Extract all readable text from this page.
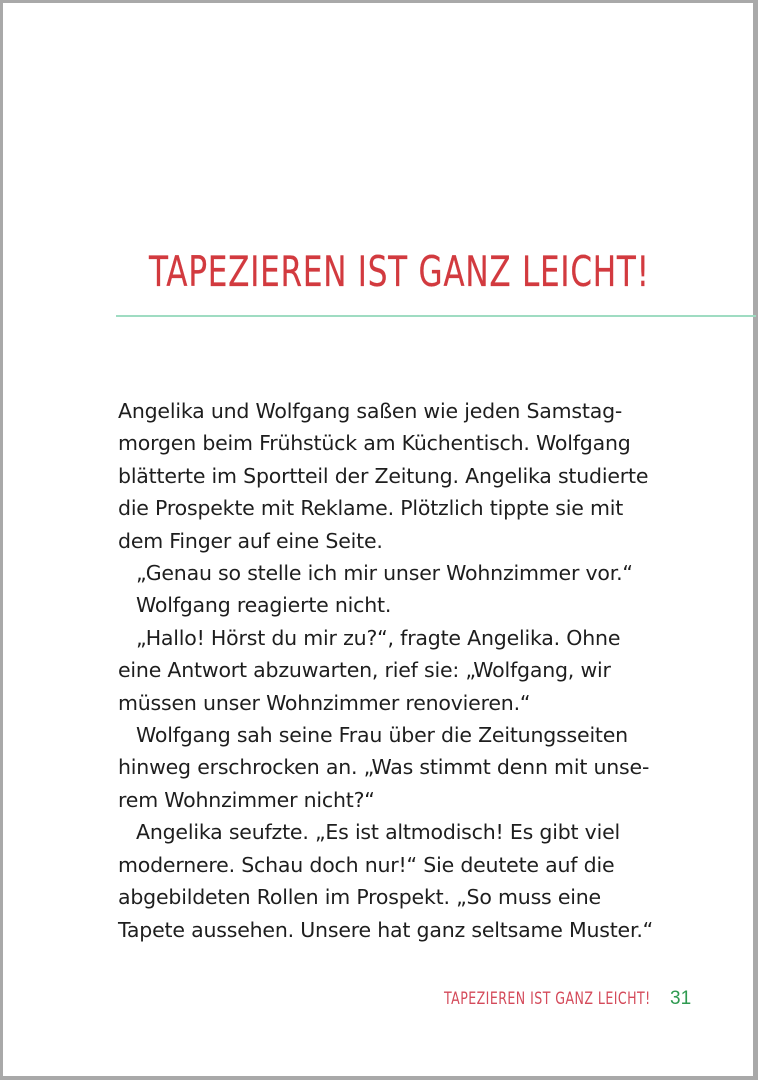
TAPEZIEREN IST GANZ LEICHT!
Angelika und Wolfgang saßen wie jeden Samstag-
morgen beim Frühstück am Küchentisch. Wolfgang
blätterte im Sportteil der Zeitung. Angelika studierte
die Prospekte mit Reklame. Plötzlich tippte sie mit
dem Finger auf eine Seite.
„Genau so stelle ich mir unser Wohnzimmer vor.“
Wolfgang reagierte nicht.
„Hallo! Hörst du mir zu?“, fragte Angelika. Ohne
eine Antwort abzuwarten, rief sie: „Wolfgang, wir
müssen unser Wohnzimmer renovieren.“
Wolfgang sah seine Frau über die Zeitungsseiten
hinweg erschrocken an. „Was stimmt denn mit unse-
rem Wohnzimmer nicht?“
Angelika seufzte. „Es ist altmodisch! Es gibt viel
modernere. Schau doch nur!“ Sie deutete auf die
abgebildeten Rollen im Prospekt. „So muss eine
Tapete aussehen. Unsere hat ganz seltsame Muster.“
TAPEZIEREN IST GANZ LEICHT! 31
